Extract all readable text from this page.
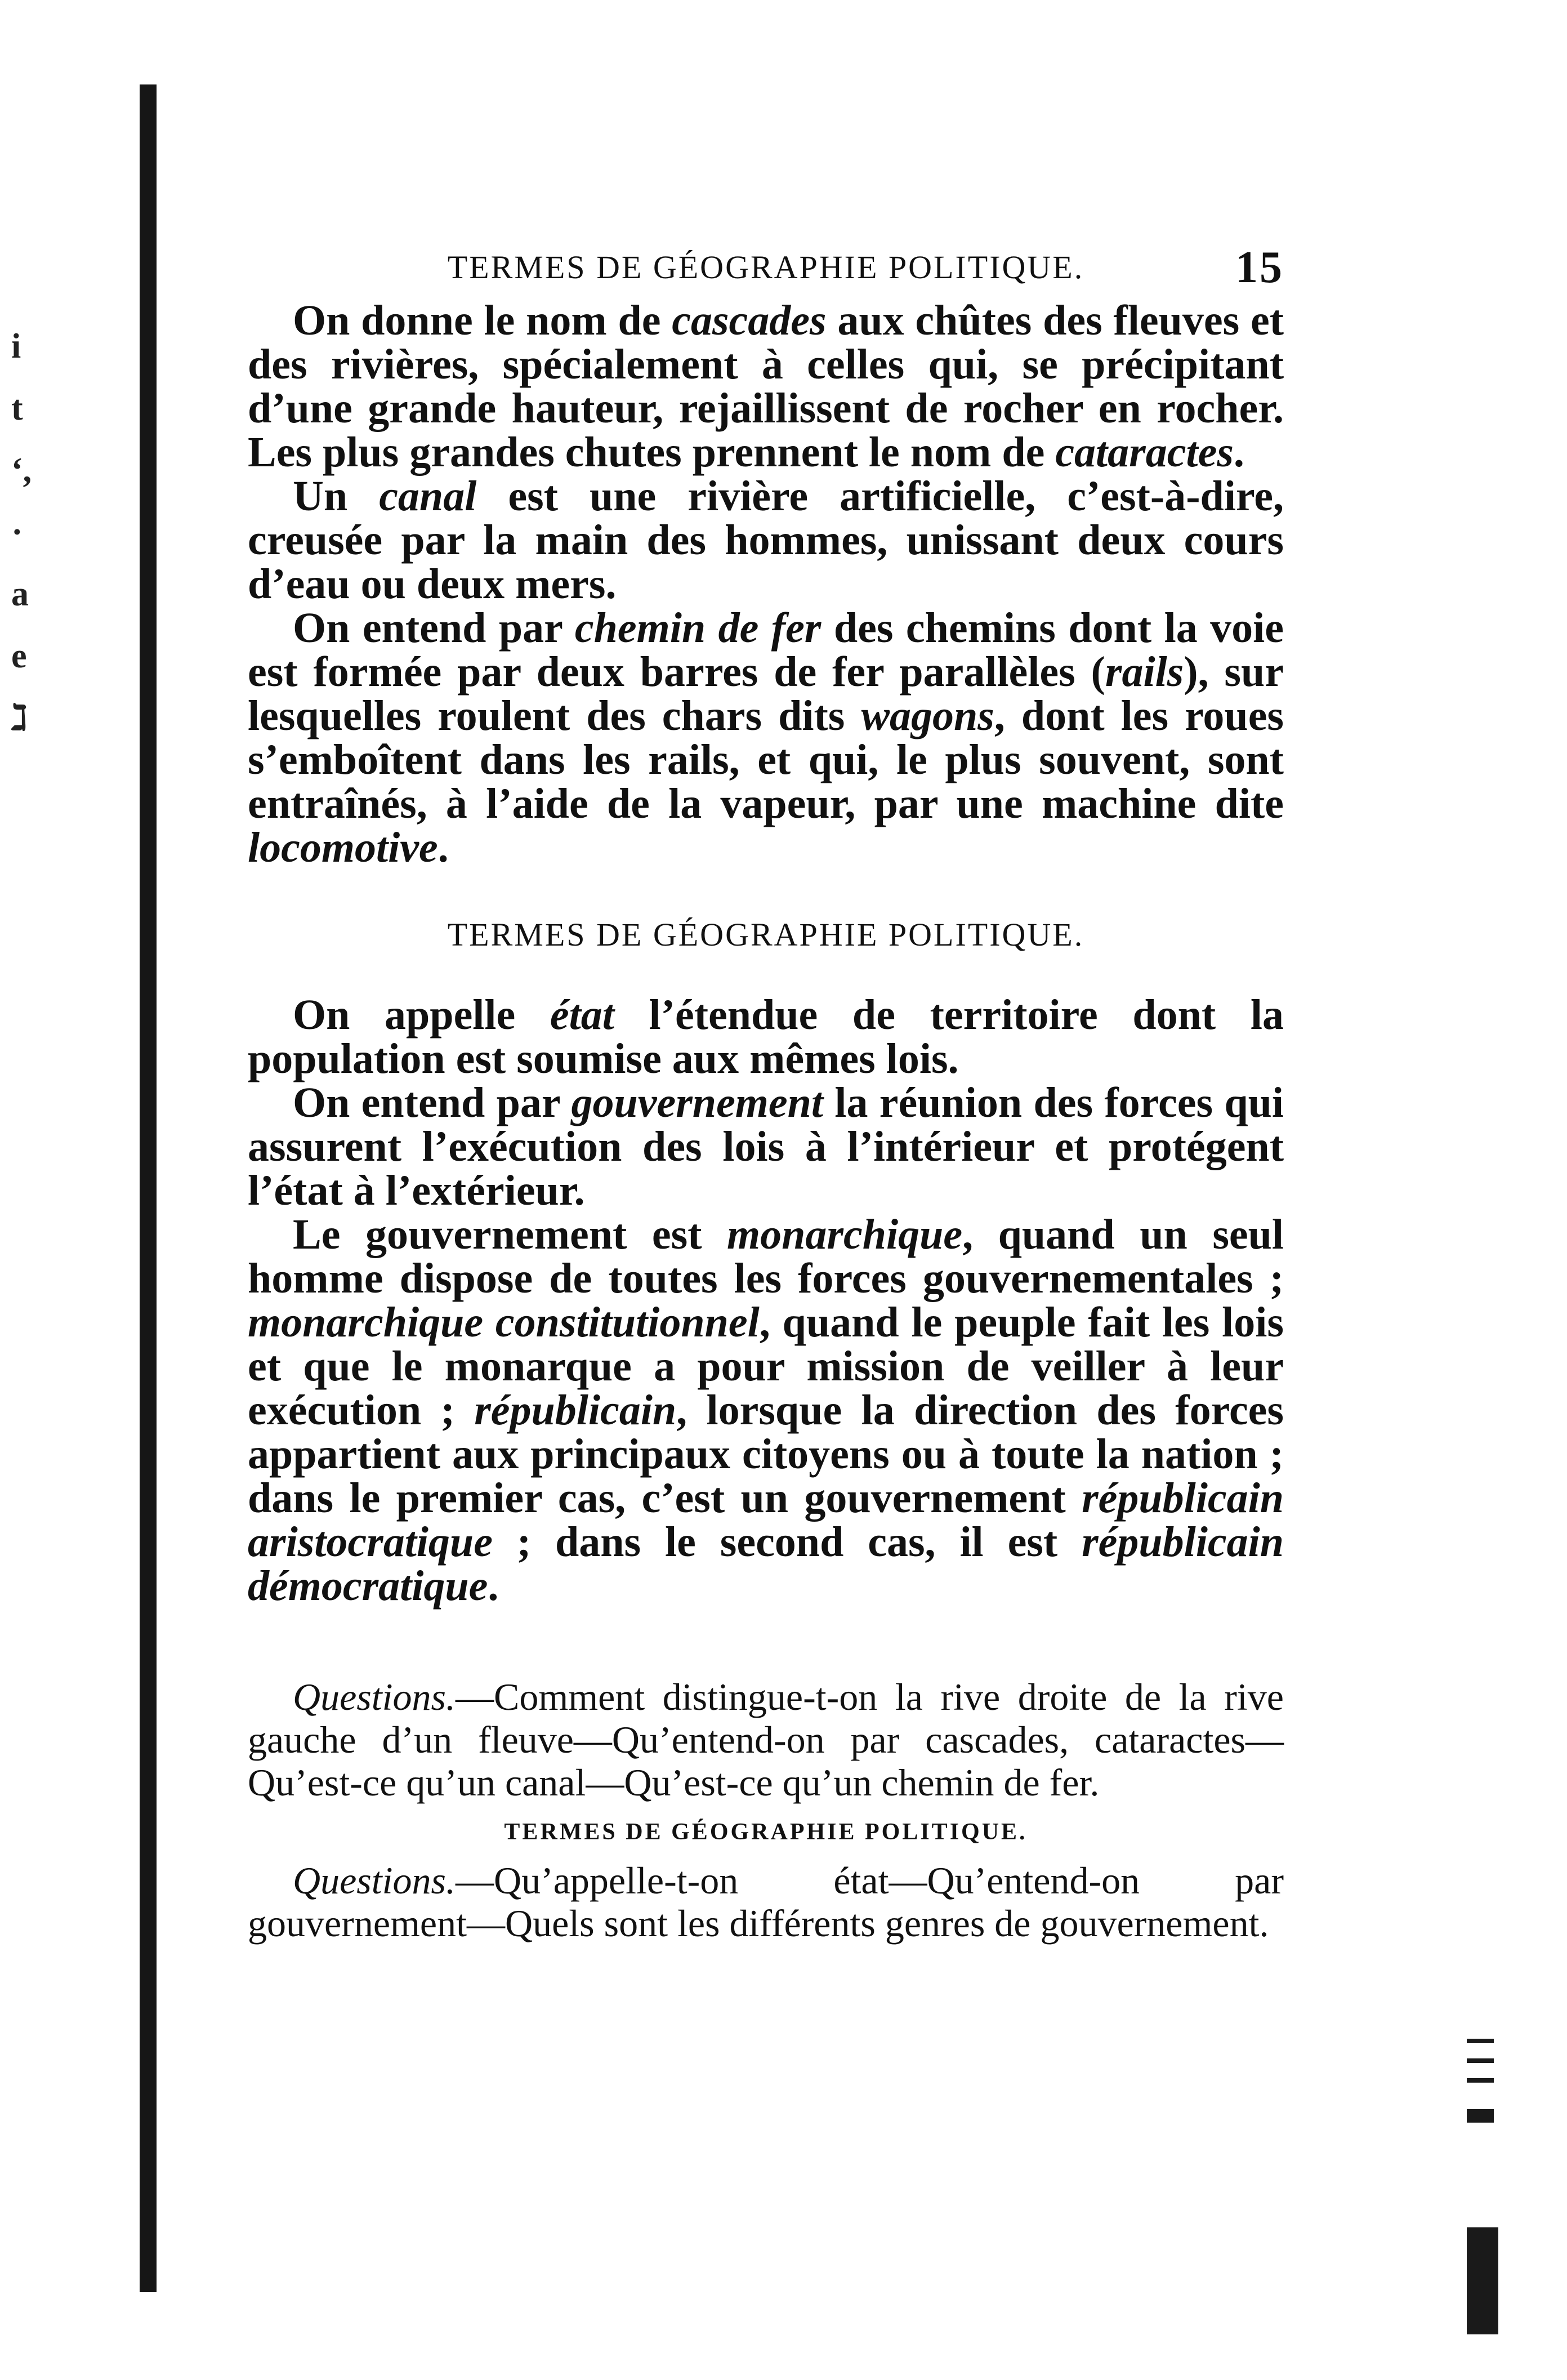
i
t
‘,
·
a
e
ℷ
TERMES DE GÉOGRAPHIE POLITIQUE.	15

On donne le nom de cascades aux chûtes des fleuves et des rivières, spécialement à celles qui, se précipitant d’une grande hauteur, rejaillissent de rocher en rocher. Les plus grandes chutes prennent le nom de cataractes.

Un canal est une rivière artificielle, c’est-à-dire, creusée par la main des hommes, unissant deux cours d’eau ou deux mers.

On entend par chemin de fer des chemins dont la voie est formée par deux barres de fer parallèles (rails), sur lesquelles roulent des chars dits wagons, dont les roues s’emboîtent dans les rails, et qui, le plus souvent, sont entraînés, à l’aide de la vapeur, par une machine dite locomotive.

TERMES DE GÉOGRAPHIE POLITIQUE.

On appelle état l’étendue de territoire dont la population est soumise aux mêmes lois.

On entend par gouvernement la réunion des forces qui assurent l’exécution des lois à l’intérieur et protégent l’état à l’extérieur.

Le gouvernement est monarchique, quand un seul homme dispose de toutes les forces gouvernementales ; monarchique constitutionnel, quand le peuple fait les lois et que le monarque a pour mission de veiller à leur exécution ; républicain, lorsque la direction des forces appartient aux principaux citoyens ou à toute la nation ; dans le premier cas, c’est un gouvernement républicain aristocratique ; dans le second cas, il est républicain démocratique.

Questions.—Comment distingue-t-on la rive droite de la rive gauche d’un fleuve—Qu’entend-on par cascades, cataractes—Qu’est-ce qu’un canal—Qu’est-ce qu’un chemin de fer.

TERMES DE GÉOGRAPHIE POLITIQUE.

Questions.—Qu’appelle-t-on état—Qu’entend-on par gouvernement—Quels sont les différents genres de gouvernement.
